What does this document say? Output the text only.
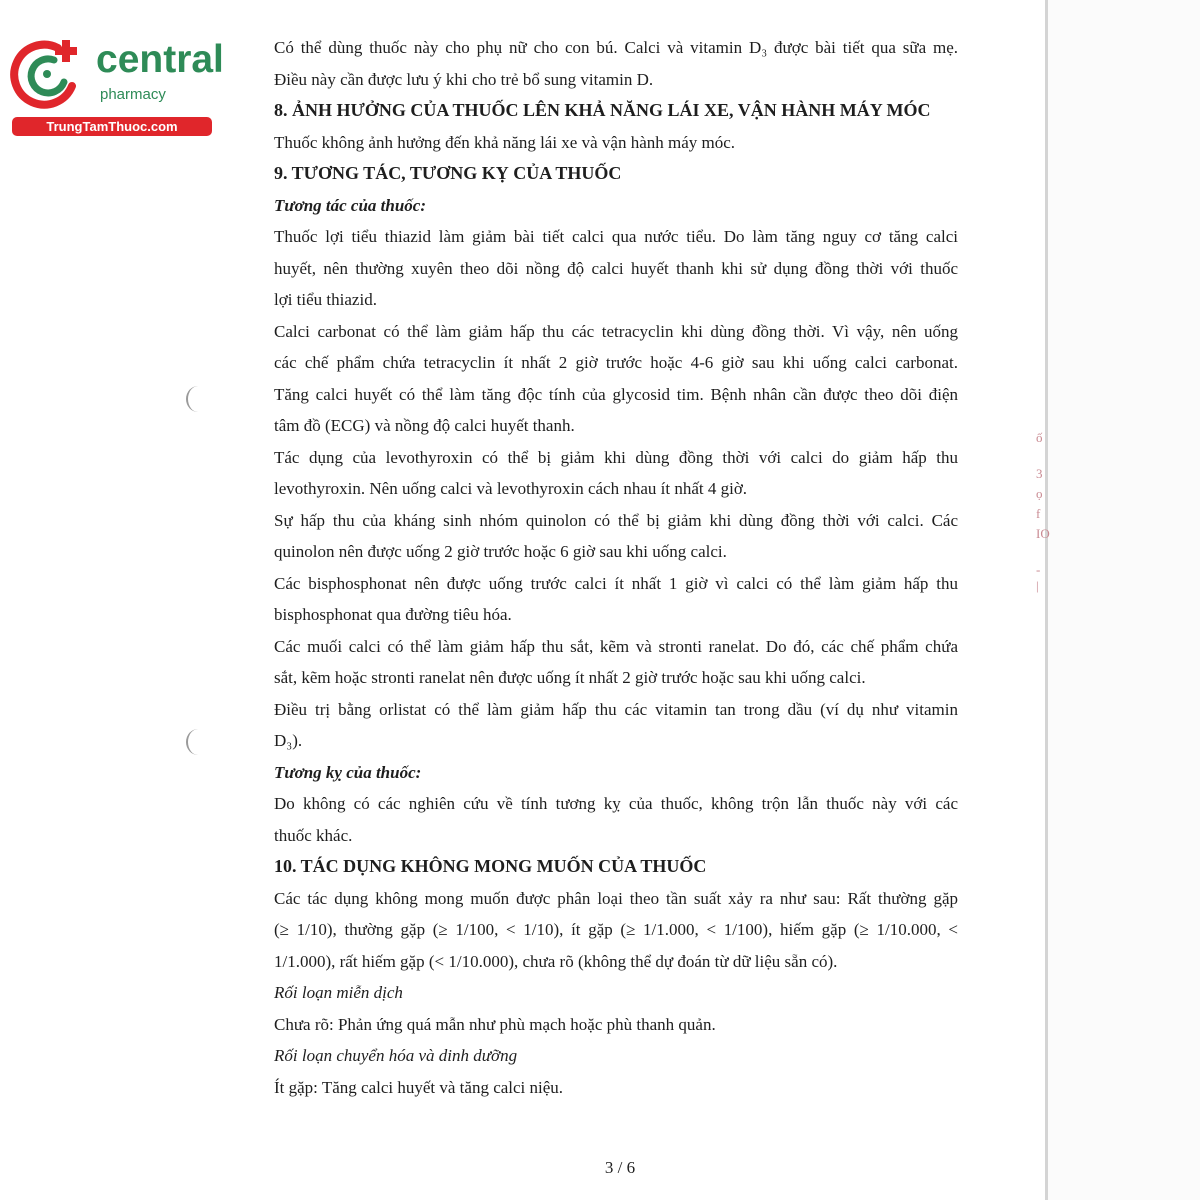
central
pharmacy
TrungTamThuoc.com
ố
3
ọ
f
IO
-
|
Có thể dùng thuốc này cho phụ nữ cho con bú. Calci và vitamin D₃ được bài tiết qua sữa mẹ.
Điều này cần được lưu ý khi cho trẻ bổ sung vitamin D.
8. ẢNH HƯỞNG CỦA THUỐC LÊN KHẢ NĂNG LÁI XE, VẬN HÀNH MÁY MÓC
Thuốc không ảnh hưởng đến khả năng lái xe và vận hành máy móc.
9. TƯƠNG TÁC, TƯƠNG KỴ CỦA THUỐC
Tương tác của thuốc:
Thuốc lợi tiểu thiazid làm giảm bài tiết calci qua nước tiểu. Do làm tăng nguy cơ tăng calci
huyết, nên thường xuyên theo dõi nồng độ calci huyết thanh khi sử dụng đồng thời với thuốc
lợi tiểu thiazid.
Calci carbonat có thể làm giảm hấp thu các tetracyclin khi dùng đồng thời. Vì vậy, nên uống
các chế phẩm chứa tetracyclin ít nhất 2 giờ trước hoặc 4-6 giờ sau khi uống calci carbonat.
Tăng calci huyết có thể làm tăng độc tính của glycosid tim. Bệnh nhân cần được theo dõi điện
tâm đồ (ECG) và nồng độ calci huyết thanh.
Tác dụng của levothyroxin có thể bị giảm khi dùng đồng thời với calci do giảm hấp thu
levothyroxin. Nên uống calci và levothyroxin cách nhau ít nhất 4 giờ.
Sự hấp thu của kháng sinh nhóm quinolon có thể bị giảm khi dùng đồng thời với calci. Các
quinolon nên được uống 2 giờ trước hoặc 6 giờ sau khi uống calci.
Các bisphosphonat nên được uống trước calci ít nhất 1 giờ vì calci có thể làm giảm hấp thu
bisphosphonat qua đường tiêu hóa.
Các muối calci có thể làm giảm hấp thu sắt, kẽm và stronti ranelat. Do đó, các chế phẩm chứa
sắt, kẽm hoặc stronti ranelat nên được uống ít nhất 2 giờ trước hoặc sau khi uống calci.
Điều trị bằng orlistat có thể làm giảm hấp thu các vitamin tan trong dầu (ví dụ như vitamin
D₃).
Tương kỵ của thuốc:
Do không có các nghiên cứu về tính tương kỵ của thuốc, không trộn lẫn thuốc này với các
thuốc khác.
10. TÁC DỤNG KHÔNG MONG MUỐN CỦA THUỐC
Các tác dụng không mong muốn được phân loại theo tần suất xảy ra như sau: Rất thường gặp
(≥ 1/10), thường gặp (≥ 1/100, < 1/10), ít gặp (≥ 1/1.000, < 1/100), hiếm gặp (≥ 1/10.000, <
1/1.000), rất hiếm gặp (< 1/10.000), chưa rõ (không thể dự đoán từ dữ liệu sẵn có).
Rối loạn miễn dịch
Chưa rõ: Phản ứng quá mẫn như phù mạch hoặc phù thanh quản.
Rối loạn chuyển hóa và dinh dưỡng
Ít gặp: Tăng calci huyết và tăng calci niệu.
3 / 6
